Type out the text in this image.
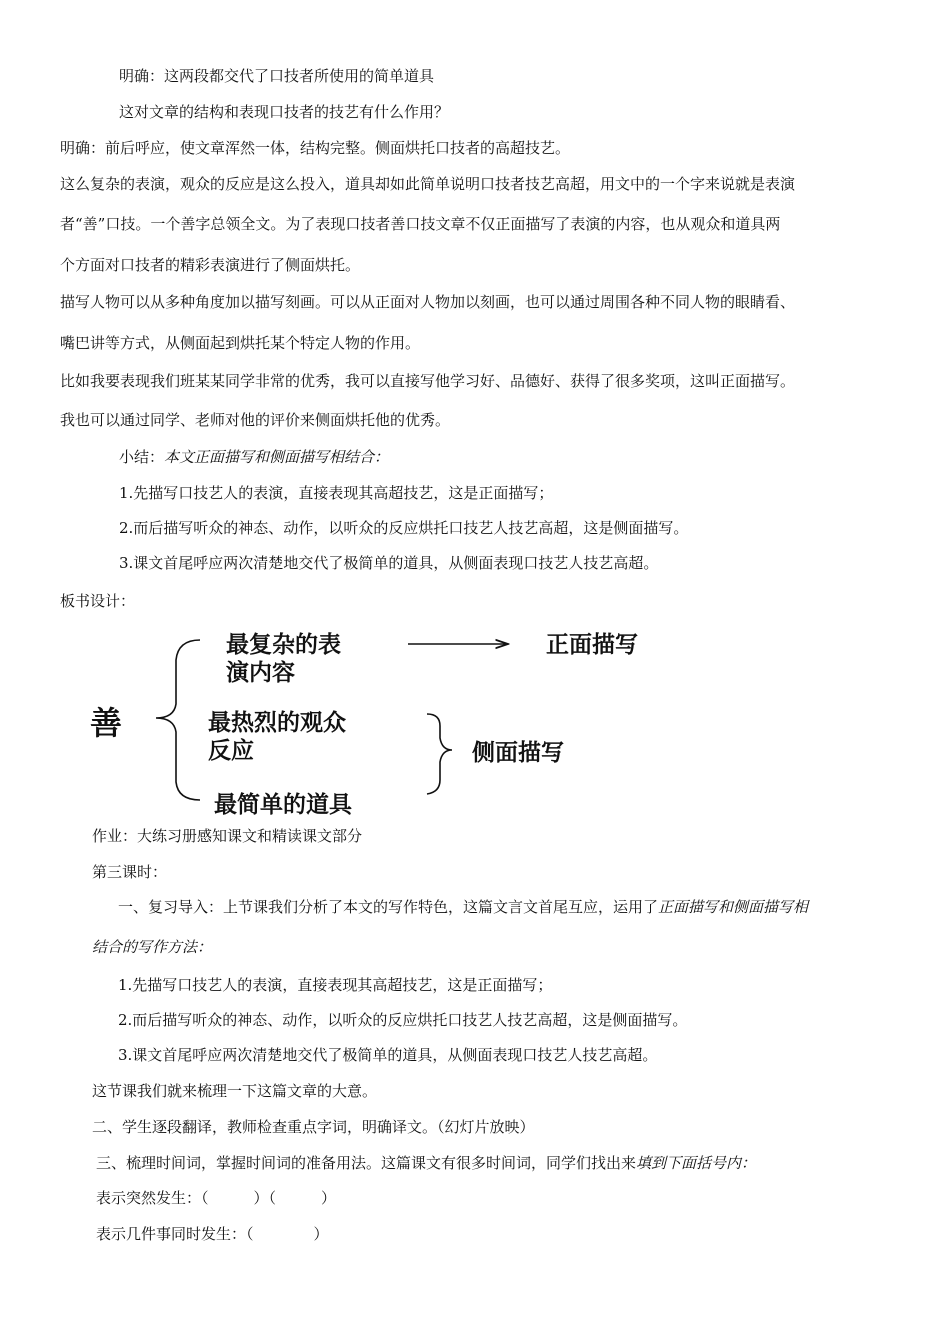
明确：这两段都交代了口技者所使用的简单道具
这对文章的结构和表现口技者的技艺有什么作用？
明确：前后呼应，使文章浑然一体，结构完整。侧面烘托口技者的高超技艺。
这么复杂的表演，观众的反应是这么投入，道具却如此简单说明口技者技艺高超，用文中的一个字来说就是表演
者“善”口技。一个善字总领全文。为了表现口技者善口技文章不仅正面描写了表演的内容，也从观众和道具两
个方面对口技者的精彩表演进行了侧面烘托。
描写人物可以从多种角度加以描写刻画。可以从正面对人物加以刻画，也可以通过周围各种不同人物的眼睛看、
嘴巴讲等方式，从侧面起到烘托某个特定人物的作用。
比如我要表现我们班某某同学非常的优秀，我可以直接写他学习好、品德好、获得了很多奖项，这叫正面描写。
我也可以通过同学、老师对他的评价来侧面烘托他的优秀。
小结：本文正面描写和侧面描写相结合：
1.先描写口技艺人的表演，直接表现其高超技艺，这是正面描写；
2.而后描写听众的神态、动作，以听众的反应烘托口技艺人技艺高超，这是侧面描写。
3.课文首尾呼应两次清楚地交代了极简单的道具，从侧面表现口技艺人技艺高超。
板书设计：
善
最复杂的表
演内容
正面描写
最热烈的观众
反应	侧面描写
最简单的道具
作业：大练习册感知课文和精读课文部分
第三课时：
一、复习导入：上节课我们分析了本文的写作特色，这篇文言文首尾互应，运用了正面描写和侧面描写相
结合的写作方法：
1.先描写口技艺人的表演，直接表现其高超技艺，这是正面描写；
2.而后描写听众的神态、动作，以听众的反应烘托口技艺人技艺高超，这是侧面描写。
3.课文首尾呼应两次清楚地交代了极简单的道具，从侧面表现口技艺人技艺高超。
这节课我们就来梳理一下这篇文章的大意。
二、学生逐段翻译，教师检查重点字词，明确译文。（幻灯片放映）
三、梳理时间词，掌握时间词的准备用法。这篇课文有很多时间词，同学们找出来填到下面括号内：
表示突然发生：（　　　）（　　　）
表示几件事同时发生：（　　　　）
